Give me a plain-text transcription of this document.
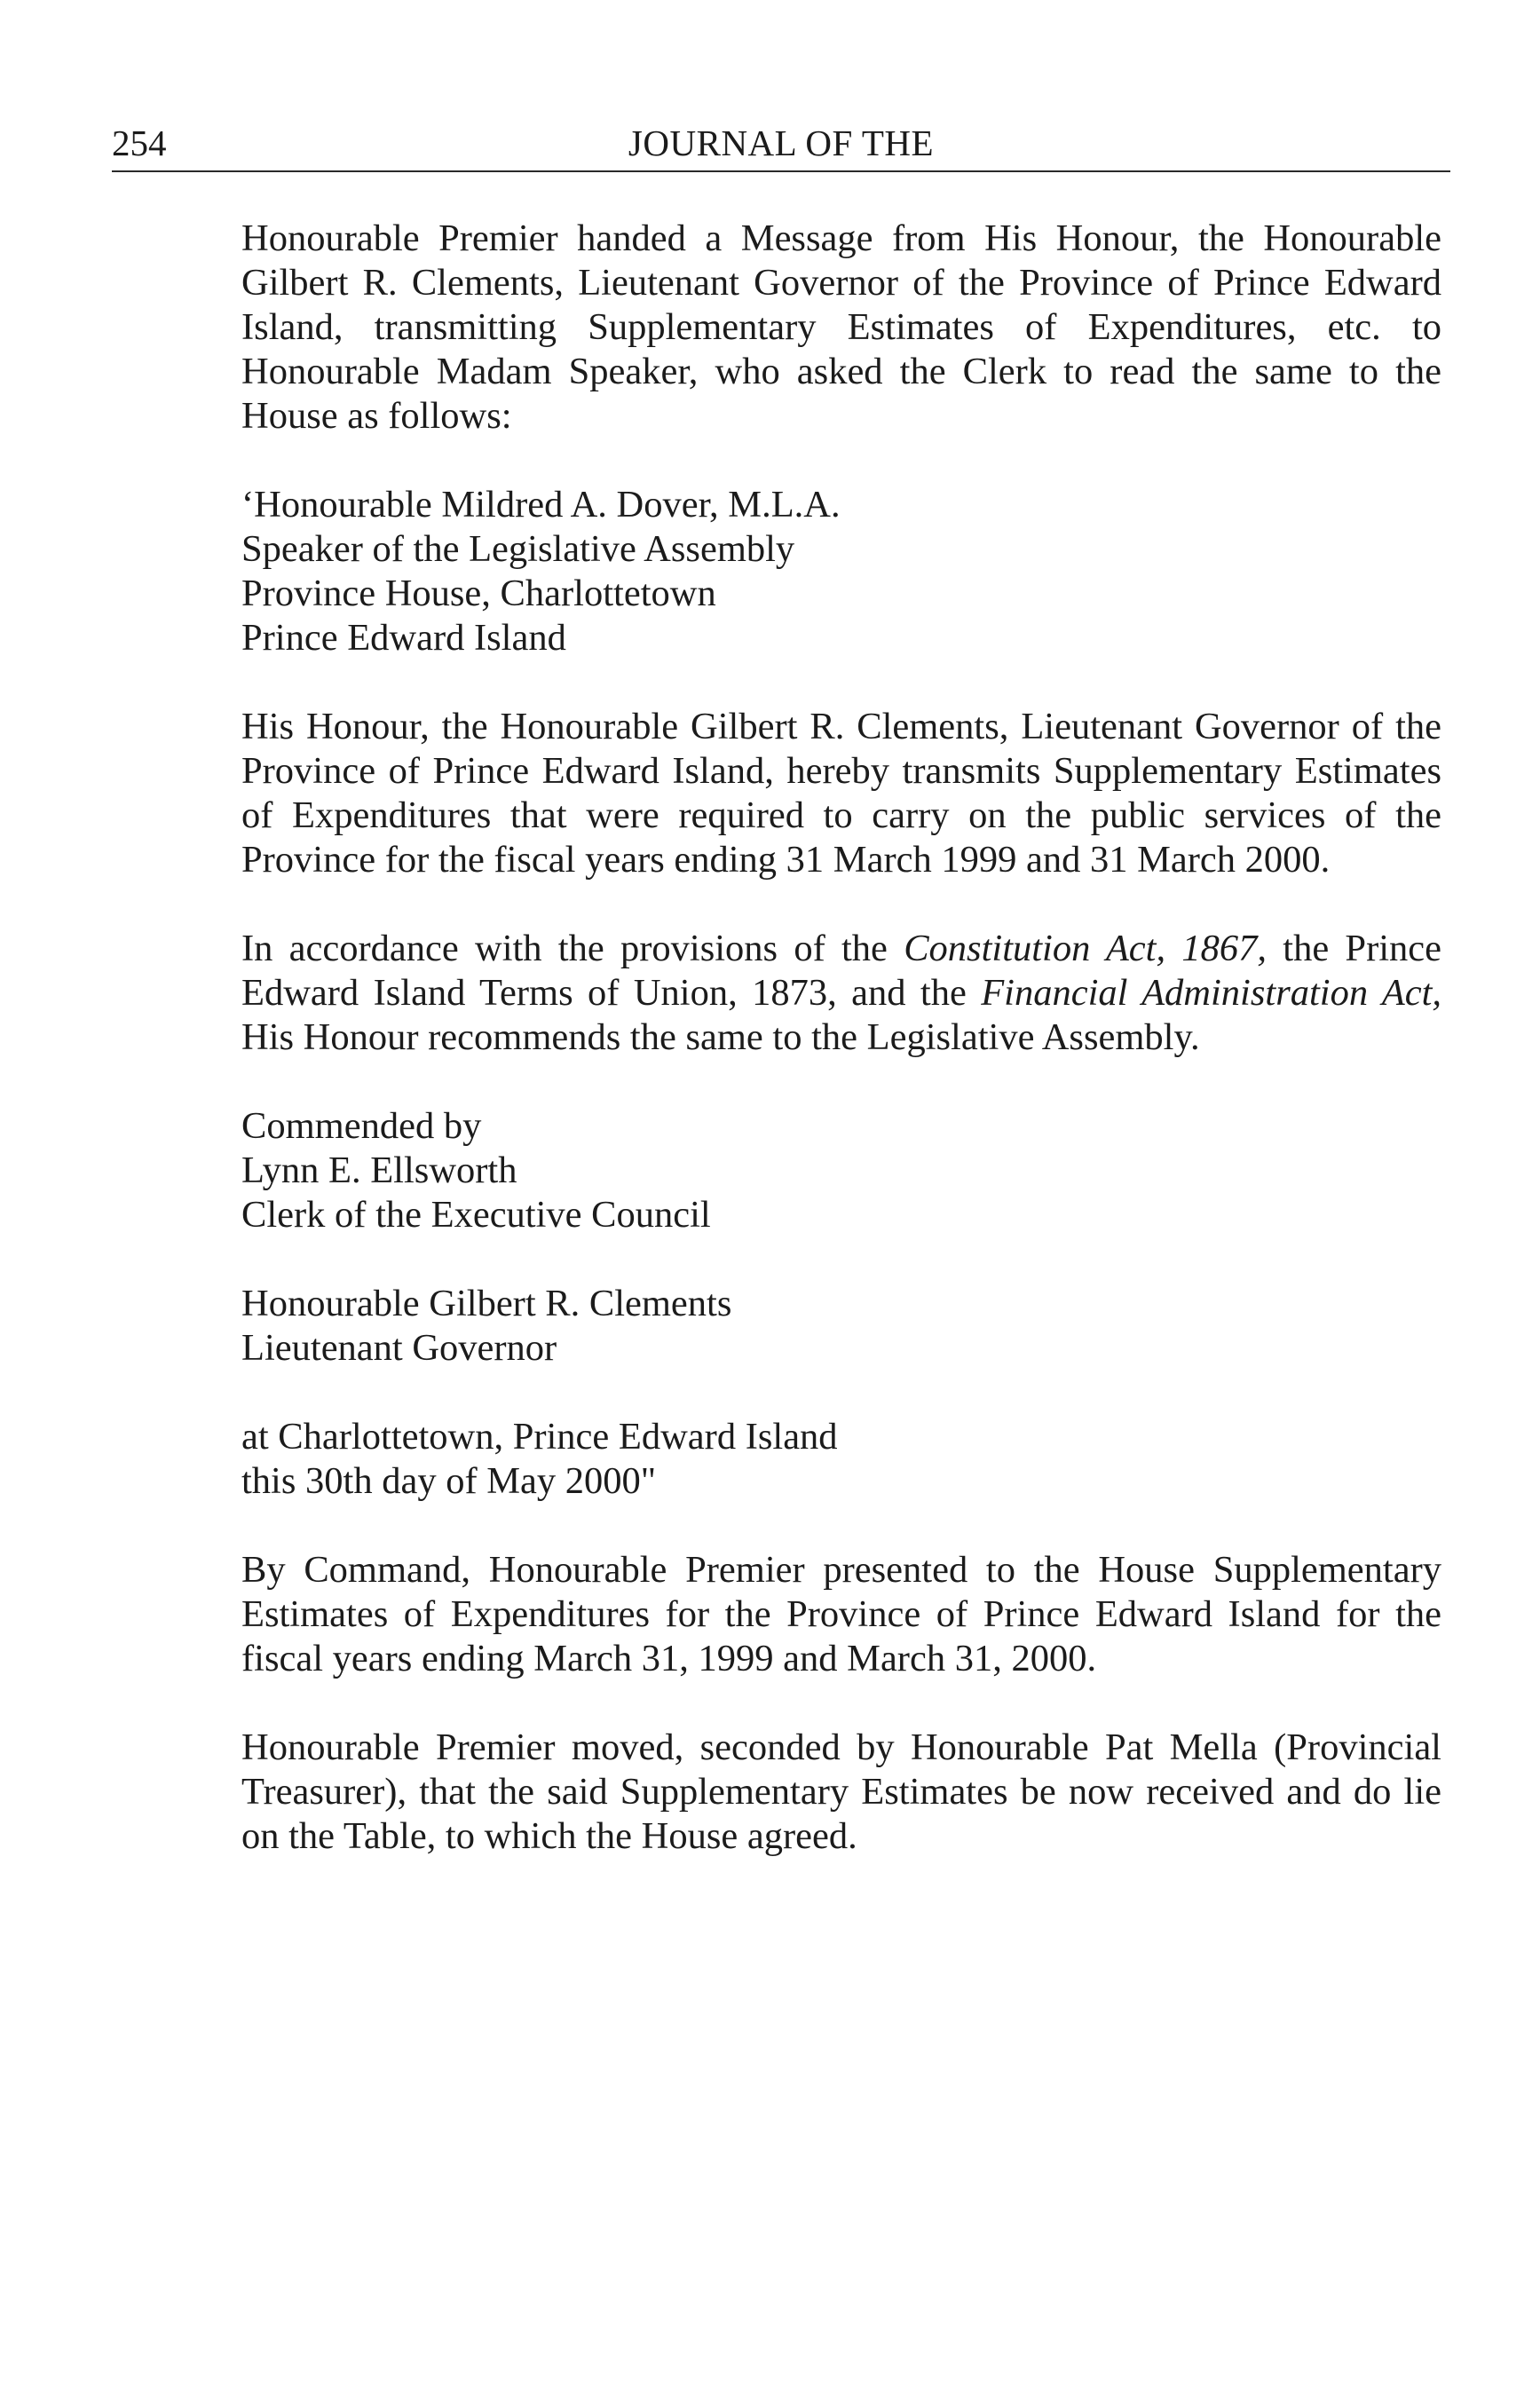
254	JOURNAL OF THE

Honourable Premier handed a Message from His Honour, the Honourable Gilbert R. Clements, Lieutenant Governor of the Province of Prince Edward Island, transmitting Supplementary Estimates of Expenditures, etc. to Honourable Madam Speaker, who asked the Clerk to read the same to the House as follows:

‘Honourable Mildred A. Dover, M.L.A.
Speaker of the Legislative Assembly
Province House, Charlottetown
Prince Edward Island

His Honour, the Honourable Gilbert R. Clements, Lieutenant Governor of the Province of Prince Edward Island, hereby transmits Supplementary Estimates of Expenditures that were required to carry on the public services of the Province for the fiscal years ending 31 March 1999 and 31 March 2000.

In accordance with the provisions of the Constitution Act, 1867, the Prince Edward Island Terms of Union, 1873, and the Financial Administration Act, His Honour recommends the same to the Legislative Assembly.

Commended by
Lynn E. Ellsworth
Clerk of the Executive Council
Honourable Gilbert R. Clements
Lieutenant Governor
at Charlottetown, Prince Edward Island
this 30th day of May 2000"

By Command, Honourable Premier presented to the House Supplementary Estimates of Expenditures for the Province of Prince Edward Island for the fiscal years ending March 31, 1999 and March 31, 2000.

Honourable Premier moved, seconded by Honourable Pat Mella (Provincial Treasurer), that the said Supplementary Estimates be now received and do lie on the Table, to which the House agreed.
